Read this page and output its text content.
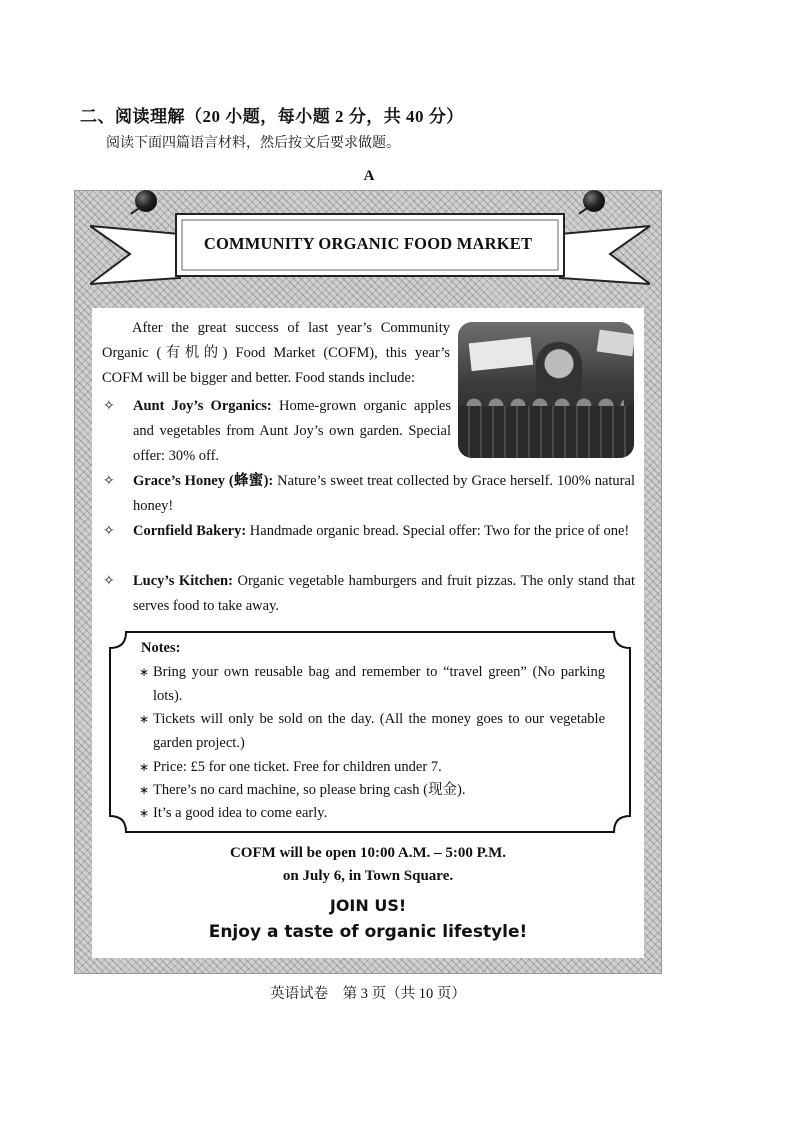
二、阅读理解（20 小题，每小题 2 分，共 40 分）
阅读下面四篇语言材料，然后按文后要求做题。
A
COMMUNITY ORGANIC FOOD MARKET
After the great success of last year’s Community Organic (有机的) Food Market (COFM), this year’s COFM will be bigger and better. Food stands include:
✧ Aunt Joy’s Organics: Home-grown organic apples and vegetables from Aunt Joy’s own garden. Special offer: 30% off.
✧ Grace’s Honey (蜂蜜): Nature’s sweet treat collected by Grace herself. 100% natural honey!
✧ Cornfield Bakery: Handmade organic bread. Special offer: Two for the price of one!
✧ Lucy’s Kitchen: Organic vegetable hamburgers and fruit pizzas. The only stand that serves food to take away.
Notes:
∗ Bring your own reusable bag and remember to “travel green” (No parking lots).
∗ Tickets will only be sold on the day. (All the money goes to our vegetable garden project.)
∗ Price: £5 for one ticket. Free for children under 7.
∗ There’s no card machine, so please bring cash (现金).
∗ It’s a good idea to come early.
COFM will be open 10:00 A.M. – 5:00 P.M.
on July 6, in Town Square.
JOIN US!
Enjoy a taste of organic lifestyle!
英语试卷　第 3 页（共 10 页）
